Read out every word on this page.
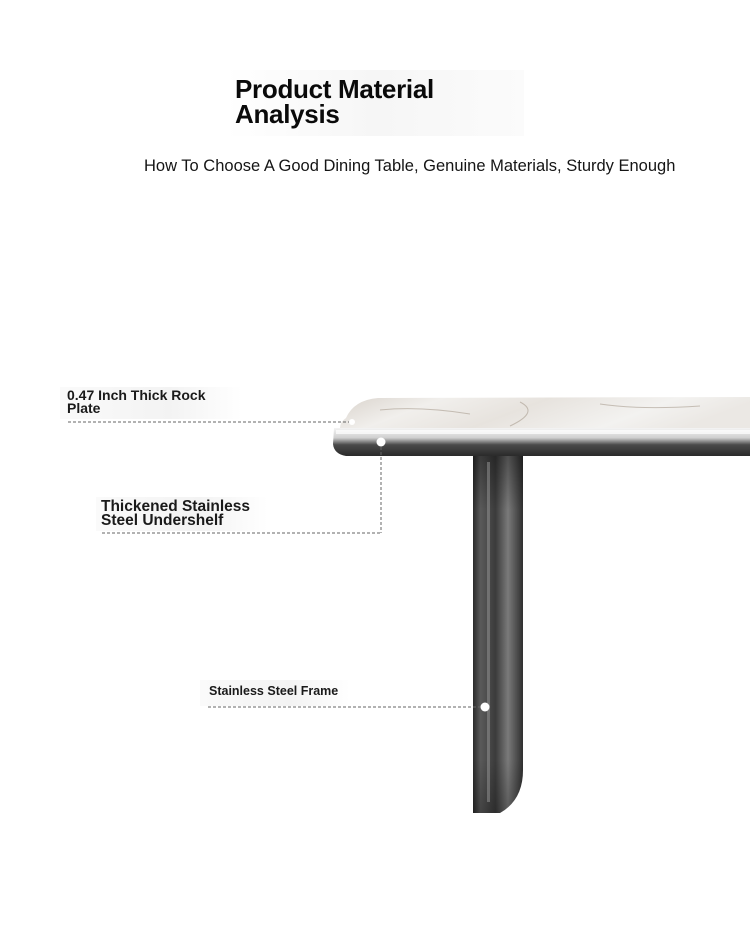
Product Material
Analysis
How To Choose A Good Dining Table, Genuine Materials, Sturdy Enough
0.47 Inch Thick Rock
Plate
Thickened Stainless
Steel Undershelf
Stainless Steel Frame
